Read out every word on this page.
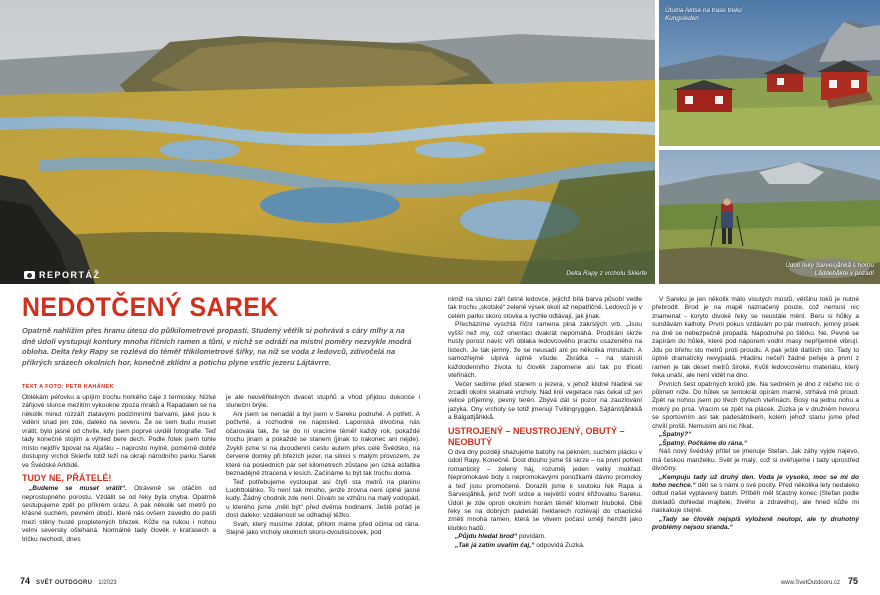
Delta Rapy z vrcholu Skierfe
REPORTÁŽ
Útulna Aktse na trase treku Kungsleden
Údolí řeky Sarvesjåhkå s horou Låddebåkte v pozadí
NEDOTČENÝ SAREK
Opatrně nahlížím přes hranu útesu do půlkilometrové propasti. Studený větřík si pohrává s cáry mlhy a na dně údolí vystupují kontury mnoha říčních ramen a tůní, v nichž se odráží na místní poměry nezvykle modrá obloha. Delta řeky Rapy se rozlévá do téměř tříkilometrové šířky, na níž se voda z ledovců, zdivočelá na příkrých srázech okolních hor, konečně zklidní a potichu plyne vstříc jezeru Lájtávrre.
TEXT A FOTO: PETR KAHÁNEK

Oblékám péřovku a upíjím trochu horkého čaje z termosky. Nízké zářijové slunce mezitím vykoukne zpoza mraků a Rapadalen se na několik minut rozzáří zlatavými podzimními barvami, jaké jsou k vidění snad jen zde, daleko na severu. Že se sem budu muset vrátit, bylo jasné od chvíle, kdy jsem poprvé uviděl fotografie. Teď tady konečně stojím a výhled bere dech. Podle fotek jsem tohle místo nejdřív tipoval na Aljašku – naprosto mylně, poměrně dobře dostupný vrchol Skierfe totiž leží na okraji národního parku Sarek ve Švédské Arktidě.

TUDY NE, PŘÁTELÉ!

„Budeme se muset vrátit“. Otráveně se otáčím od neprostupného porostu. Vzdálit se od řeky byla chyba. Opatrně sestupujeme zpět po příkrém srázu. A pak několik set metrů po křásné suchém, pevném úbočí, které nás ovšem zavedlo do pasti mezi stěny husté propletených březek. Kůže na rukou i nohou velmi seversky ošlehaná. Normálně tady člověk v kraťasech a tričku nechodí, dnes

je ale neuvěřitelných dvacet stupňů a vhod přijdou dokonce i sluneční brýle.

Ani jsem se nenadál a byl jsem v Sareku podruhé. A potřetí. A počtvrté, a rozhodně ne naposled. Laponská divočina nás očarovala tak, že se do ní vracíme téměř každý rok, pokaždé trochu jinam a pokaždé se stanem (jinak to nakonec ani nejde). Zvykli jsme si na dvoudenní cestu autem přes celé Švédsko, na červené domky při březích jezer, na silnici s malým provozem, ze které na posledních pár set kilometrech zůstane jen úzká asfaltka beznadějně ztracená v lesích. Začínáme tu být tak trochu doma.

Teď potřebujeme vystoupat asi čtyři sta metrů na planinu Luohttoláhko. To není tak mnoho, jenže zrovna není úplně jasné kudy. Žádný chodník zde není. Dívám se vzhůru na malý vodopád, u kterého jsme „měli být“ před dvěma hodinami. Ještě pořád je dost daleko; vzdálenosti se odhadují těžko.

Svah, který musíme zdolat, přitom máme před očima od rána. Stejně jako vrcholy okolních skoro-dvoutisícovek, pod

nimiž na slunci září četné ledovce, jejichž bílá barva působí vedle tak trochu „skotské“ zelené výsek okolí až nepatřičně. Ledovců je v celém parku skoro stovka a rychle odtávají, jak jinak.

Přecházíme vyschlá říční ramena plná zakrslých vrb. „Jsou vyšší než my, což orientaci dvakrát nepomáhá. Prodíráni skrze husty porost navíc víří oblaka ledovcového prachu usazeného na listech. Je tak jemný, že se neusadí ani po několika minutách. A samozřejmě ulpívá úplně všude. Zkrátka – na starosti každodenního života tu člověk zapomene asi tak po třiceti vteřinách.

Večer sedíme před stanem u jezera, v jehož klidné hladině se zrcadlí okolní skalnaté vrcholy. Nad linií vegetace nás čekal už jen velice příjemný, pevný terén. Zbývá dát si pozor na zauzlování jazyka. Ony vrcholy se totiž jmenují Tvillingryggen, Sájtáristjåhkkå a Bálgattjåhkkå.

USTROJENÝ – NEUSTROJENÝ, OBUTÝ – NEOBUTÝ

O dva dny později shazujeme batohy na pěkném, suchém plácku v údolí Rapy. Konečně. Dost dlouho jsme šli skrze – na první pohled romantický – zelený háj, rozuměj jeden velký mokřad. Nepromokavé boty s nepromokavými ponožkami dávno promokly a teď jsou promočené. Dorazili jsme k soutoku řek Rapa a Sarvesjåhkå, jenž tvoří srdce a největší vodní křižovatku Sareku. Údolí je zde oproti okolním horám téměř kilometr hluboké. Obě řeky se na dobrých padesáti hektarech rozlévají do chaotické změti mnoha ramen, která se vlivem počasí umějí hemžit jako klubko hadů.

„Půjdu hledat brod“ povídám.

„Tak já zatím uvařím čaj,“ odpovídá Zuzka.

V Sareku je jen několik málo visutých mostů, většinu toků je nutné přebrodit. Brod je na mapě naznačený pouze, což nemusí nic znamenat - koryto divoké řeky se neustále mění. Beru si hůlky a sundávám kalhoty. První pokus vzdávám po pár metrech, jemný písek na dně se nebezpečně propadá. Napodruhé po štěrku. Ne. Pevně se zapírám do hůlek, které pod náporem vodní masy nepříjemně vibrují. Jdu po břehu sto metrů proti proudu. A pak ještě dalších sto. Tady to úplně dramaticky nevypadá. Hladinu nečeří žádné peřeje a první z ramen je tak deset metrů široké. Kvůli ledovcovému materiálu, který řeka unáší, ale není vidět na dno.

Prvních šest opatrných kroků jde. Na sedmém je dno z ničeho nic o půlmetr níže. Do hůlek se tentokrát opírám marně, strhává mě proud. Zpět na nohou jsem po třech čtyřech vteřinách. Bosý na jednu nohu a mokrý po prsa. Vracím se zpět na plácek. Zuzka je v družném hovoru se sportovním asi tak padesátníkem, kolem jehož stanu jsme před chvílí prošli. Nemusím ani nic říkat.

„Špatný?“

„Špatný. Počkáme do rána.“

Náš nový švédský přítel se jmenuje Stefan. Jak záhy vyjde najevo, má českou manželku. Svět je malý, což si ověřujeme i tady uprostřed divočiny.

„Kempuju tady už druhý den. Voda je vysoko, moc se mi do toho nechce.“ dělí se s námi o své pocity. Před několika lety nedaleko odtud našel vyplavený batoh. Příběh měl šťastný konec (Stefan podle dokladů dohledal majitele, živého a zdravého), ale hned kůže mi naskakuje stejně.

„Tady se člověk nejspíš vyloženě neutopí, ale ty druhotný problémy nejsou sranda.“

74 SVĚT OUTDOORU 1/2023	www.SvetOutdooru.cz 75
